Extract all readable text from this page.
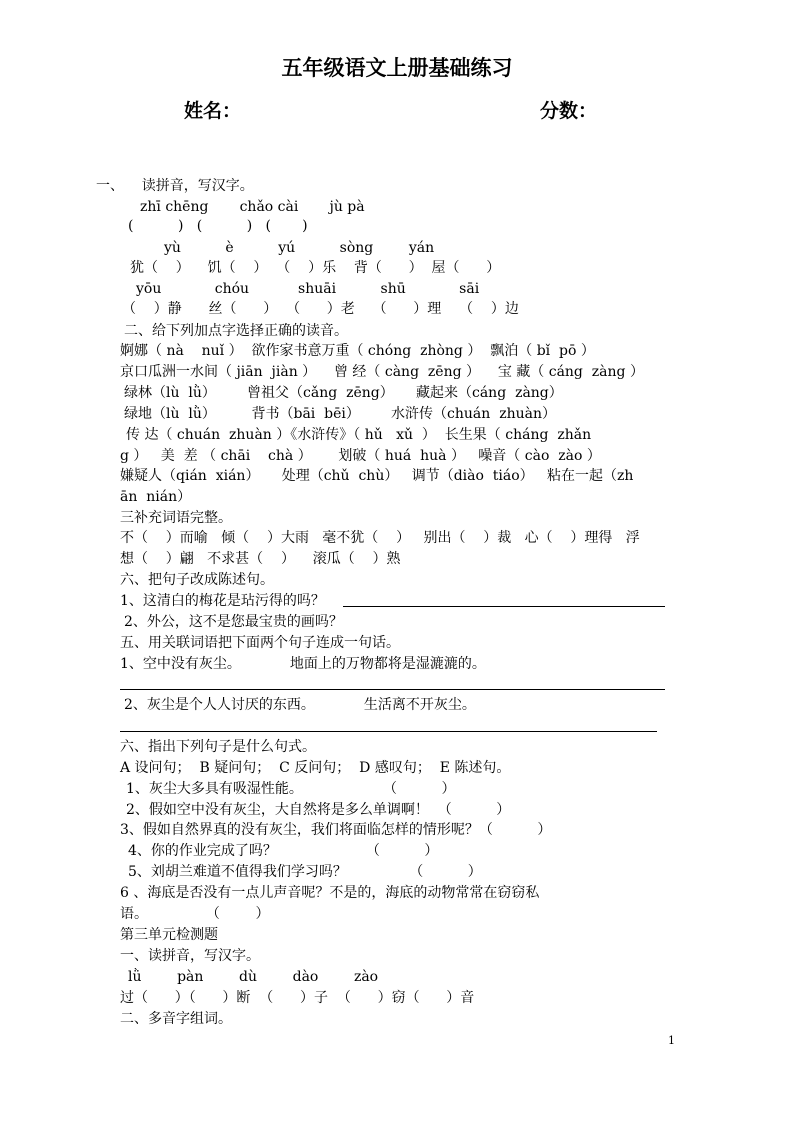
五年级语文上册基础练习
姓名：	分数：
一、    读拼音，写汉字。
zhī chēng       chǎo cài       jù pà
(          )   (          )   (       )
yù          è          yú          sòng        yán
犹（    ）    饥（    ）  （    ）乐    背（      ）  屋（      ）
yōu            chóu           shuāi          shū            sāi
（    ）静      丝（      ）  （      ）老    （      ）理    （    ）边
二、给下列加点字选择正确的读音。
婀娜（ nà    nuǐ ）  欲作家书意万重（ chóng  zhòng ）  飘泊（ bǐ  pō ）
京口瓜洲一水间（ jiān  jiàn ）    曾 经（ càng  zēng ）    宝 藏（ cáng  zàng ）
绿林（lù  lǜ）       曾祖父（cǎng  zēng）     藏起来（cáng  zàng）
绿地（lù  lǜ）        背书（bāi  bēi）       水浒传（chuán  zhuàn）
传 达（ chuán  zhuàn ）《水浒传》（ hǔ   xǔ  ）  长生果（ cháng  zhǎn
g ）   美  差 （ chāi    chà ）      划破（ huá  huà ）   噪音（ cào  zào ）
嫌疑人（qián  xián）     处理（chǔ  chù）   调节（diào  tiáo）   粘在一起（zh
ān  nián）
三补充词语完整。
不（    ）而喻   倾（    ）大雨   毫不犹（    ）   别出（    ）裁   心（    ）理得   浮
想（    ）翩   不求甚（    ）    滚瓜（    ）熟
六、把句子改成陈述句。
1、这清白的梅花是玷污得的吗？
2、外公，这不是您最宝贵的画吗？
五、用关联词语把下面两个句子连成一句话。
1、空中没有灰尘。           地面上的万物都将是湿漉漉的。
2、灰尘是个人人讨厌的东西。           生活离不开灰尘。
六、指出下列句子是什么句式。
A 设问句；  B 疑问句；  C 反问句；  D 感叹句；  E 陈述句。
1、灰尘大多具有吸湿性能。                  （          ）
2、假如空中没有灰尘，大自然将是多么单调啊！  （          ）
3、假如自然界真的没有灰尘，我们将面临怎样的情形呢？（          ）
4、你的作业完成了吗？                    （          ）
5、刘胡兰难道不值得我们学习吗？              （          ）
6 、海底是否没有一点儿声音呢？不是的，海底的动物常常在窃窃私
语。             （        ）
第三单元检测题
一、读拼音，写汉字。
lǜ        pàn        dù        dào        zào
过（      ）（      ）断  （      ）子  （      ）窃（      ）音
二、多音字组词。
1
